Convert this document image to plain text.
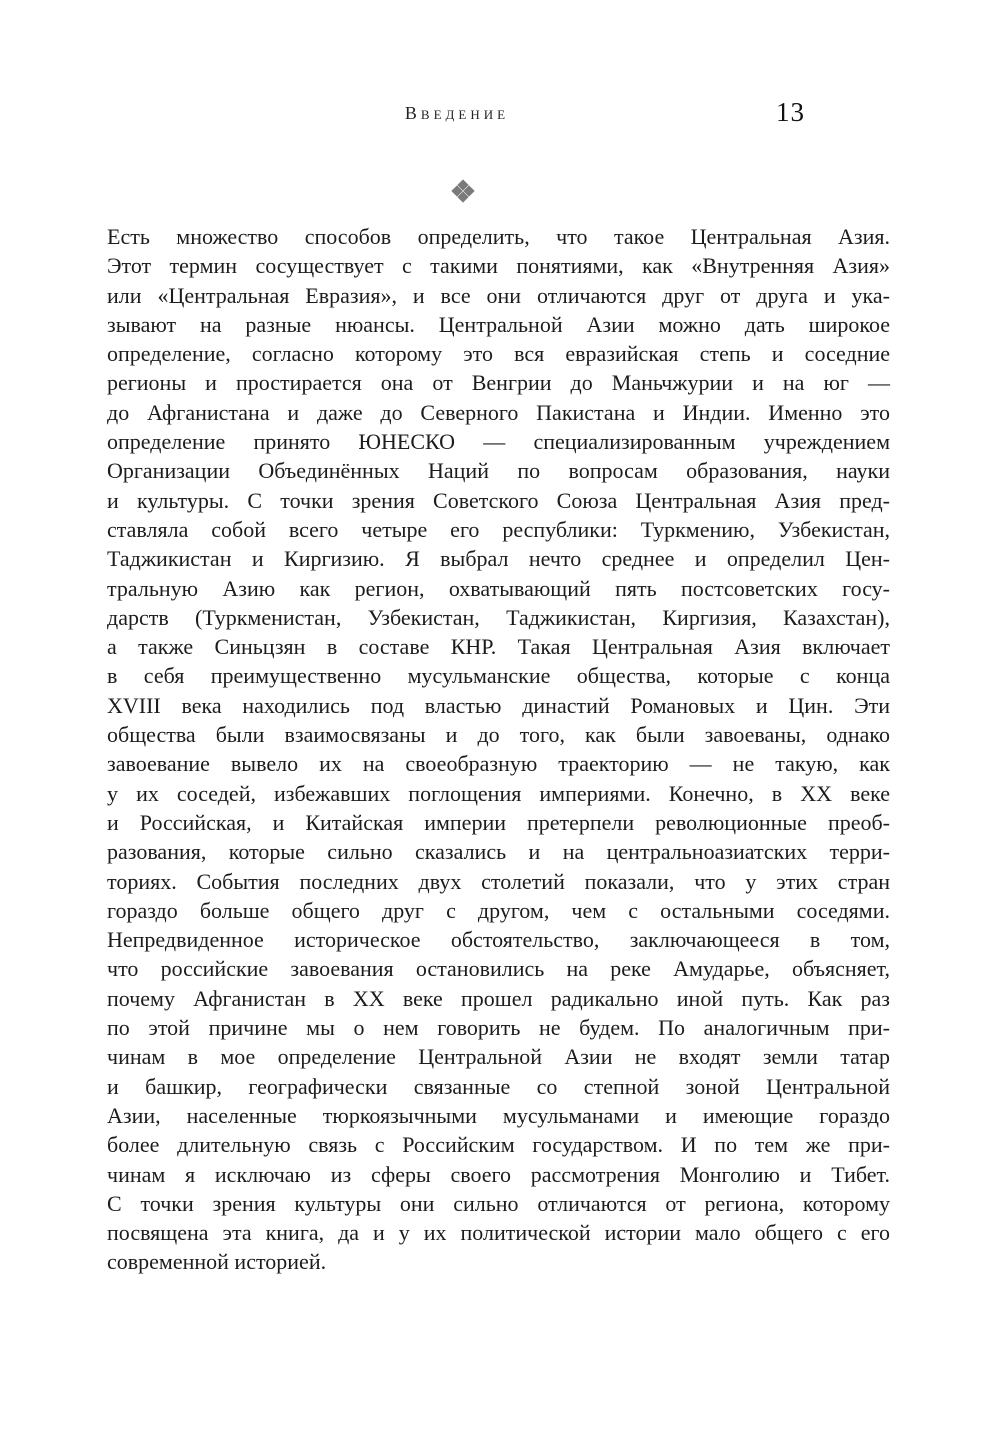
Введение	13
Есть множество способов определить, что такое Центральная Азия.
Этот термин сосуществует с такими понятиями, как «Внутренняя Азия»
или «Центральная Евразия», и все они отличаются друг от друга и ука-
зывают на разные нюансы. Центральной Азии можно дать широкое
определение, согласно которому это вся евразийская степь и соседние
регионы и простирается она от Венгрии до Маньчжурии и на юг —
до Афганистана и даже до Северного Пакистана и Индии. Именно это
определение принято ЮНЕСКО — специализированным учреждением
Организации Объединённых Наций по вопросам образования, науки
и культуры. С точки зрения Советского Союза Центральная Азия пред-
ставляла собой всего четыре его республики: Туркмению, Узбекистан,
Таджикистан и Киргизию. Я выбрал нечто среднее и определил Цен-
тральную Азию как регион, охватывающий пять постсоветских госу-
дарств (Туркменистан, Узбекистан, Таджикистан, Киргизия, Казахстан),
а также Синьцзян в составе КНР. Такая Центральная Азия включает
в себя преимущественно мусульманские общества, которые с конца
XVIII века находились под властью династий Романовых и Цин. Эти
общества были взаимосвязаны и до того, как были завоеваны, однако
завоевание вывело их на своеобразную траекторию — не такую, как
у их соседей, избежавших поглощения империями. Конечно, в XX веке
и Российская, и Китайская империи претерпели революционные преоб-
разования, которые сильно сказались и на центральноазиатских терри-
ториях. События последних двух столетий показали, что у этих стран
гораздо больше общего друг с другом, чем с остальными соседями.
Непредвиденное историческое обстоятельство, заключающееся в том,
что российские завоевания остановились на реке Амударье, объясняет,
почему Афганистан в XX веке прошел радикально иной путь. Как раз
по этой причине мы о нем говорить не будем. По аналогичным при-
чинам в мое определение Центральной Азии не входят земли татар
и башкир, географически связанные со степной зоной Центральной
Азии, населенные тюркоязычными мусульманами и имеющие гораздо
более длительную связь с Российским государством. И по тем же при-
чинам я исключаю из сферы своего рассмотрения Монголию и Тибет.
С точки зрения культуры они сильно отличаются от региона, которому
посвящена эта книга, да и у их политической истории мало общего с его
современной историей.
